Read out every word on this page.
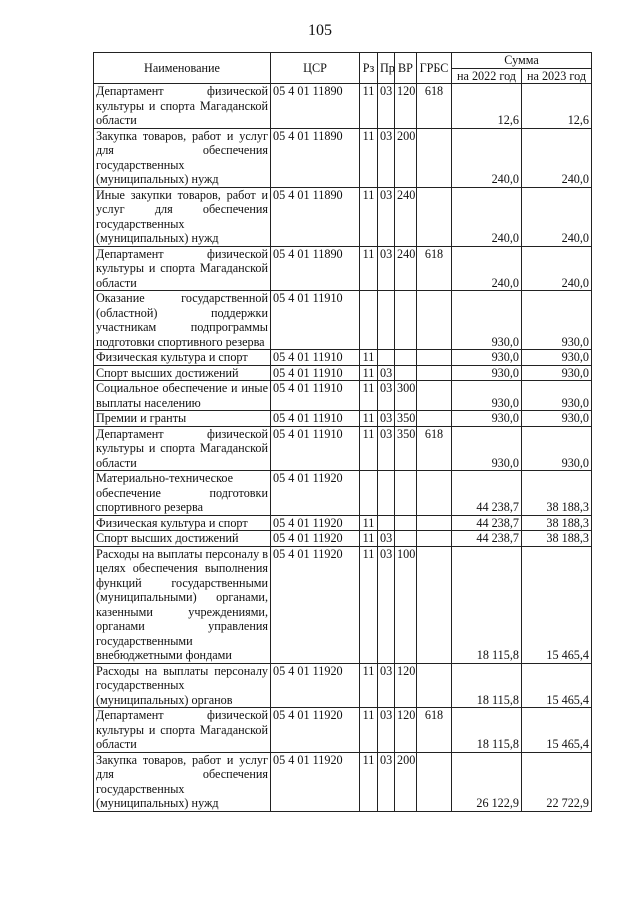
105
Наименование	ЦСР	Рз	Пр	ВР	ГРБС	Сумма	
						на 2022 год	на 2023 год
Департамент физической культуры и спорта Магаданской области	05 4 01 11890	11	03	120	618	12,6	12,6
Закупка товаров, работ и услуг для обеспечения государственных (муниципальных) нужд	05 4 01 11890	11	03	200		240,0	240,0
Иные закупки товаров, работ и услуг для обеспечения государственных (муниципальных) нужд	05 4 01 11890	11	03	240		240,0	240,0
Департамент физической культуры и спорта Магаданской области	05 4 01 11890	11	03	240	618	240,0	240,0
Оказание государственной (областной) поддержки участникам подпрограммы подготовки спортивного резерва	05 4 01 11910					930,0	930,0
Физическая культура и спорт	05 4 01 11910	11				930,0	930,0
Спорт высших достижений	05 4 01 11910	11	03			930,0	930,0
Социальное обеспечение и иные выплаты населению	05 4 01 11910	11	03	300		930,0	930,0
Премии и гранты	05 4 01 11910	11	03	350		930,0	930,0
Департамент физической культуры и спорта Магаданской области	05 4 01 11910	11	03	350	618	930,0	930,0
Материально-техническое обеспечение подготовки спортивного резерва	05 4 01 11920					44 238,7	38 188,3
Физическая культура и спорт	05 4 01 11920	11				44 238,7	38 188,3
Спорт высших достижений	05 4 01 11920	11	03			44 238,7	38 188,3
Расходы на выплаты персоналу в целях обеспечения выполнения функций государственными (муниципальными) органами, казенными учреждениями, органами управления государственными внебюджетными фондами	05 4 01 11920	11	03	100		18 115,8	15 465,4
Расходы на выплаты персоналу государственных (муниципальных) органов	05 4 01 11920	11	03	120		18 115,8	15 465,4
Департамент физической культуры и спорта Магаданской области	05 4 01 11920	11	03	120	618	18 115,8	15 465,4
Закупка товаров, работ и услуг для обеспечения государственных (муниципальных) нужд	05 4 01 11920	11	03	200		26 122,9	22 722,9
